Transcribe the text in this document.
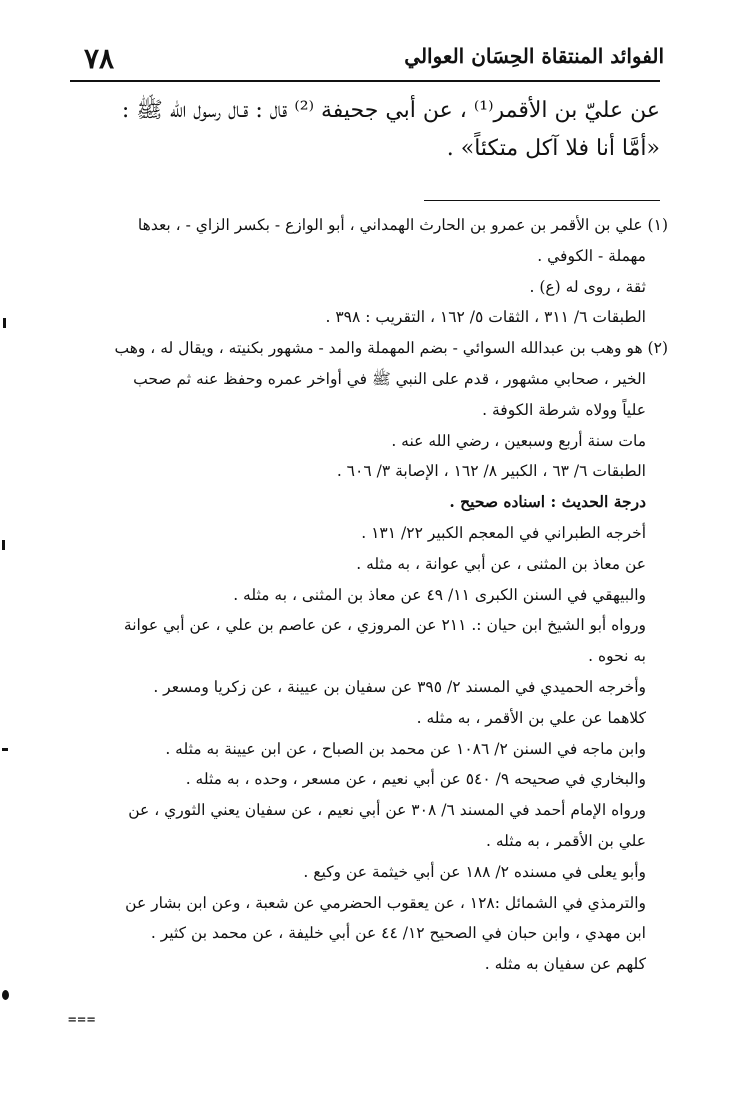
٧٨	الفوائد المنتقاة الحِسَان العوالي
عن عليّ بن الأقمر⁽¹⁾ ، عن أبي جحيفة ⁽²⁾ قال : قـال رسول الله ﷺ :
«أمَّا أنا فلا آكل متكئاً» .
(١) علي بن الأقمر بن عمرو بن الحارث الهمداني ، أبو الوازع - بكسر الزاي - ، بعدها
مهملة - الكوفي .
ثقة ، روى له (ع) .
الطبقات ٦/ ٣١١ ، الثقات ٥/ ١٦٢ ، التقريب : ٣٩٨ .
(٢) هو وهب بن عبدالله السوائي - بضم المهملة والمد - مشهور بكنيته ، ويقال له ، وهب
الخير ، صحابي مشهور ، قدم على النبي ﷺ في أواخر عمره وحفظ عنه ثم صحب
علياً وولاه شرطة الكوفة .
مات سنة أربع وسبعين ، رضي الله عنه .
الطبقات ٦/ ٦٣ ، الكبير ٨/ ١٦٢ ، الإصابة ٣/ ٦٠٦ .
درجة الحديث : اسناده صحيح .
أخرجه الطبراني في المعجم الكبير ٢٢/ ١٣١ .
عن معاذ بن المثنى ، عن أبي عوانة ، به مثله .
والبيهقي في السنن الكبرى ١١/ ٤٩ عن معاذ بن المثنى ، به مثله .
ورواه أبو الشيخ ابن حيان :. ٢١١ عن المروزي ، عن عاصم بن علي ، عن أبي عوانة
به نحوه .
وأخرجه الحميدي في المسند ٢/ ٣٩٥ عن سفيان بن عيينة ، عن زكريا ومسعر .
كلاهما عن علي بن الأقمر ، به مثله .
وابن ماجه في السنن ٢/ ١٠٨٦ عن محمد بن الصباح ، عن ابن عيينة به مثله .
والبخاري في صحيحه ٩/ ٥٤٠ عن أبي نعيم ، عن مسعر ، وحده ، به مثله .
ورواه الإمام أحمد في المسند ٦/ ٣٠٨ عن أبي نعيم ، عن سفيان يعني الثوري ، عن
علي بن الأقمر ، به مثله .
وأبو يعلى في مسنده ٢/ ١٨٨ عن أبي خيثمة عن وكيع .
والترمذي في الشمائل :١٢٨ ، عن يعقوب الحضرمي عن شعبة ، وعن ابن بشار عن
ابن مهدي ، وابن حبان في الصحيح ١٢/ ٤٤ عن أبي خليفة ، عن محمد بن كثير .
كلهم عن سفيان به مثله .
===
